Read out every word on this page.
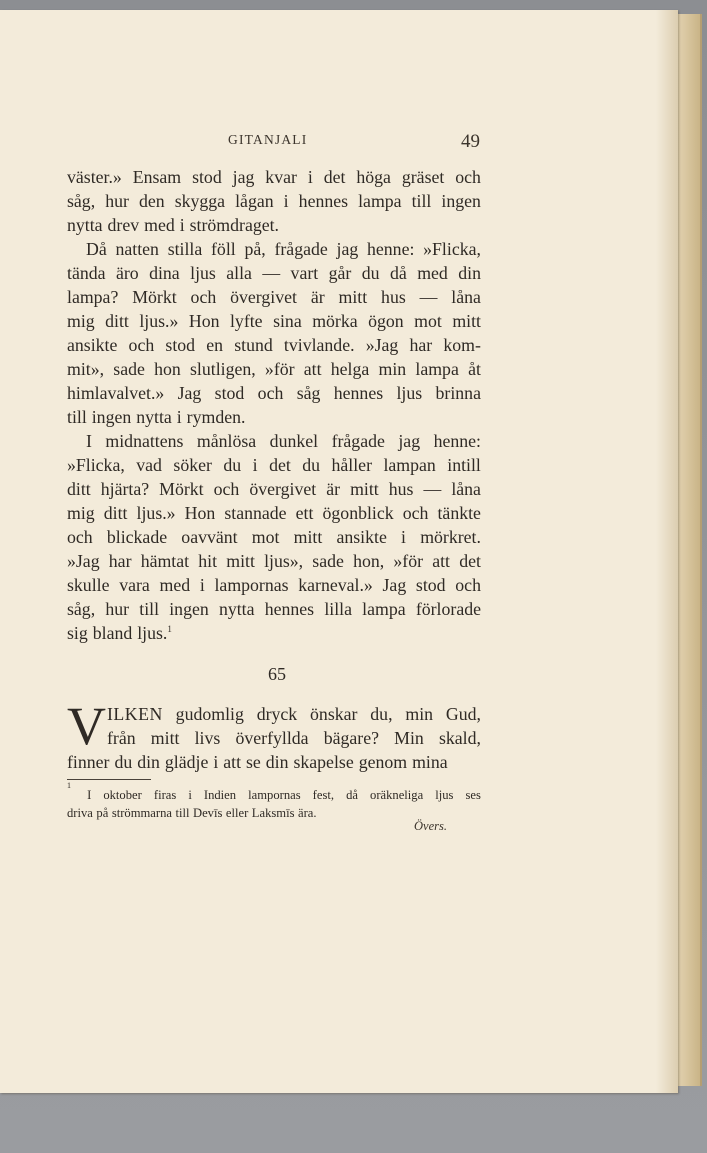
GITANJALI	49
väster.» Ensam stod jag kvar i det höga gräset och
såg, hur den skygga lågan i hennes lampa till ingen
nytta drev med i strömdraget.
Då natten stilla föll på, frågade jag henne: »Flicka,
tända äro dina ljus alla — vart går du då med din
lampa? Mörkt och övergivet är mitt hus — låna
mig ditt ljus.» Hon lyfte sina mörka ögon mot mitt
ansikte och stod en stund tvivlande. »Jag har kom-
mit», sade hon slutligen, »för att helga min lampa åt
himlavalvet.» Jag stod och såg hennes ljus brinna
till ingen nytta i rymden.
I midnattens månlösa dunkel frågade jag henne:
»Flicka, vad söker du i det du håller lampan intill
ditt hjärta? Mörkt och övergivet är mitt hus — låna
mig ditt ljus.» Hon stannade ett ögonblick och tänkte
och blickade oavvänt mot mitt ansikte i mörkret.
»Jag har hämtat hit mitt ljus», sade hon, »för att det
skulle vara med i lampornas karneval.» Jag stod och
såg, hur till ingen nytta hennes lilla lampa förlorade
sig bland ljus.$^1$
65
V ILKEN gudomlig dryck önskar du, min Gud,
från mitt livs överfyllda bägare? Min skald,
finner du din glädje i att se din skapelse genom mina
1
I oktober firas i Indien lampornas fest, då oräkneliga ljus ses
driva på strömmarna till Devīs eller Laksmīs ära.
Övers.
